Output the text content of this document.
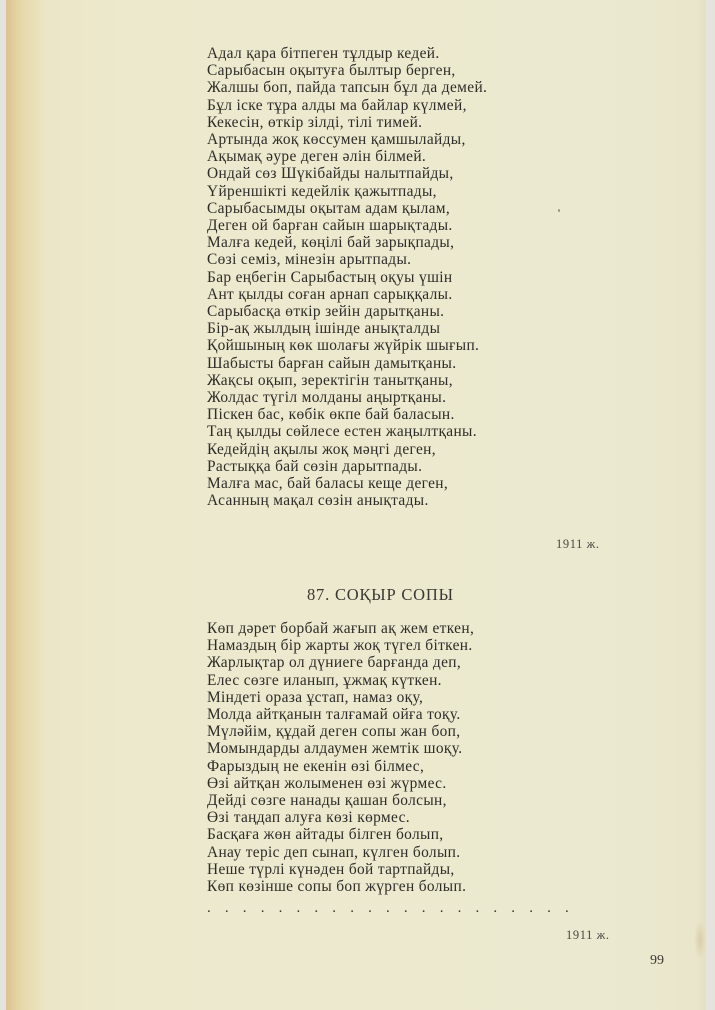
Адал қара бітпеген тұлдыр кедей.
Сарыбасын оқытуға былтыр берген,
Жалшы боп, пайда тапсын бұл да демей.
Бұл іске тұра алды ма байлар күлмей,
Кекесін, өткір зілді, тілі тимей.
Артында жоқ көссумен қамшылайды,
Ақымақ әуре деген әлін білмей.
Ондай сөз Шүкібайды налытпайды,
Үйреншікті кедейлік қажытпады,
Сарыбасымды оқытам адам қылам,
Деген ой барған сайын шарықтады.
Малға кедей, көңілі бай зарықпады,
Сөзі семіз, мінезін арытпады.
Бар еңбегін Сарыбастың оқуы үшін
Ант қылды соған арнап сарыққалы.
Сарыбасқа өткір зейін дарытқаны.
Бір-ақ жылдың ішінде анықталды
Қойшының көк шолағы жүйрік шығып.
Шабысты барған сайын дамытқаны.
Жақсы оқып, зеректігін танытқаны,
Жолдас түгіл молданы аңыртқаны.
Піскен бас, көбік өкпе бай баласын.
Таң қылды сөйлесе естен жаңылтқаны.
Кедейдің ақылы жоқ мәңгі деген,
Растыққа бай сөзін дарытпады.
Малға мас, бай баласы кеще деген,
Асанның мақал сөзін анықтады.
1911 ж.
87. СОҚЫР СОПЫ
Көп дәрет борбай жағып ақ жем еткен,
Намаздың бір жарты жоқ түгел біткен.
Жарлықтар ол дүниеге барғанда деп,
Елес сөзге иланып, ұжмақ күткен.
Міндеті ораза ұстап, намаз оқу,
Молда айтқанын талғамай ойға тоқу.
Мүләйім, құдай деген сопы жан боп,
Момындарды алдаумен жемтік шоқу.
Фарыздың не екенін өзі білмес,
Өзі айтқан жолыменен өзі жүрмес.
Дейді сөзге нанады қашан болсын,
Өзі таңдап алуға көзі көрмес.
Басқаға жөн айтады білген болып,
Анау теріс деп сынап, күлген болып.
Неше түрлі күнәден бой тартпайды,
Көп көзінше сопы боп жүрген болып.
. . . . . . . . . . . . . . . . . . . . .
1911 ж.
99
